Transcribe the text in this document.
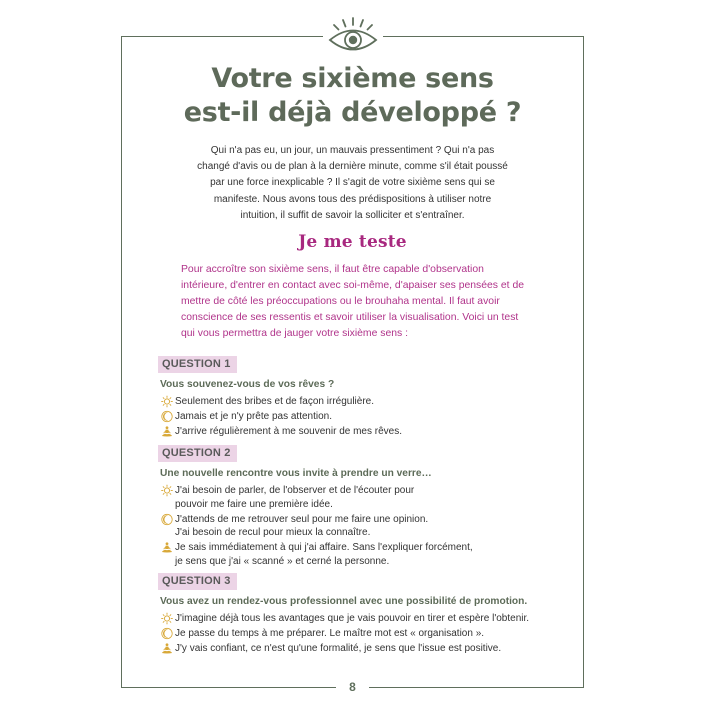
Votre sixième sens
est-il déjà développé ?

Qui n'a pas eu, un jour, un mauvais pressentiment ? Qui n'a pas changé d'avis ou de plan à la dernière minute, comme s'il était poussé par une force inexplicable ? Il s'agit de votre sixième sens qui se manifeste. Nous avons tous des prédispositions à utiliser notre intuition, il suffit de savoir la solliciter et s'entraîner.

Je me teste

Pour accroître son sixième sens, il faut être capable d'observation intérieure, d'entrer en contact avec soi-même, d'apaiser ses pensées et de mettre de côté les préoccupations ou le brouhaha mental. Il faut avoir conscience de ses ressentis et savoir utiliser la visualisation. Voici un test qui vous permettra de jauger votre sixième sens :

QUESTION 1
Vous souvenez-vous de vos rêves ?
Seulement des bribes et de façon irrégulière.
Jamais et je n'y prête pas attention.
J'arrive régulièrement à me souvenir de mes rêves.
QUESTION 2
Une nouvelle rencontre vous invite à prendre un verre…
J'ai besoin de parler, de l'observer et de l'écouter pour
pouvoir me faire une première idée.
J'attends de me retrouver seul pour me faire une opinion.
J'ai besoin de recul pour mieux la connaître.
Je sais immédiatement à qui j'ai affaire. Sans l'expliquer forcément,
je sens que j'ai « scanné » et cerné la personne.
QUESTION 3
Vous avez un rendez-vous professionnel avec une possibilité de promotion.
J'imagine déjà tous les avantages que je vais pouvoir en tirer et espère l'obtenir.
Je passe du temps à me préparer. Le maître mot est « organisation ».
J'y vais confiant, ce n'est qu'une formalité, je sens que l'issue est positive.
8
